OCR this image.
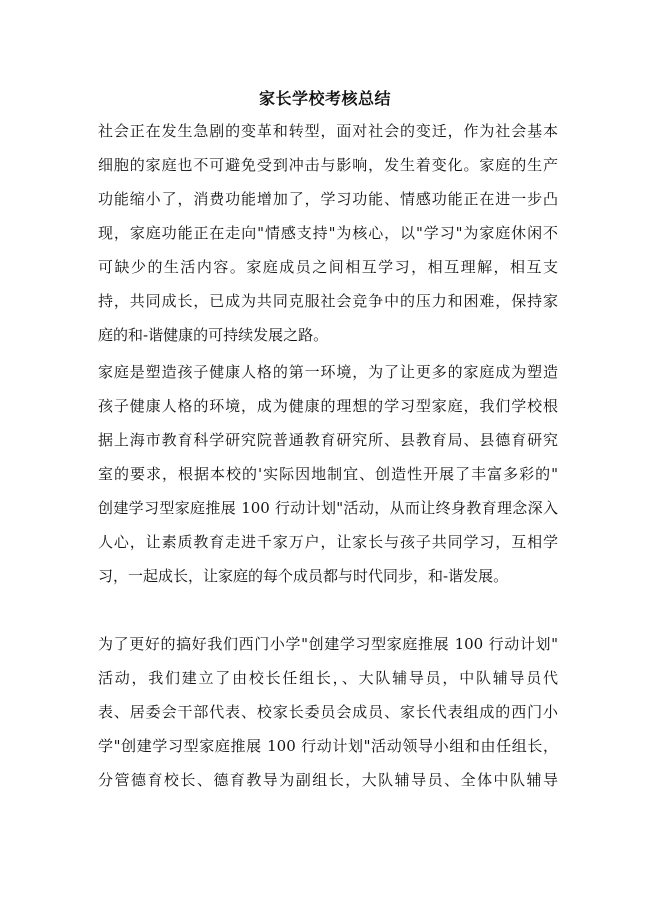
家长学校考核总结
社会正在发生急剧的变革和转型，面对社会的变迁，作为社会基本
细胞的家庭也不可避免受到冲击与影响，发生着变化。家庭的生产
功能缩小了，消费功能增加了，学习功能、情感功能正在进一步凸
现，家庭功能正在走向"情感支持"为核心，以"学习"为家庭休闲不
可缺少的生活内容。家庭成员之间相互学习，相互理解，相互支
持，共同成长，已成为共同克服社会竞争中的压力和困难，保持家
庭的和-谐健康的可持续发展之路。
家庭是塑造孩子健康人格的第一环境，为了让更多的家庭成为塑造
孩子健康人格的环境，成为健康的理想的学习型家庭，我们学校根
据上海市教育科学研究院普通教育研究所、县教育局、县德育研究
室的要求，根据本校的'实际因地制宜、创造性开展了丰富多彩的"
创建学习型家庭推展 100 行动计划"活动，从而让终身教育理念深入
人心，让素质教育走进千家万户，让家长与孩子共同学习，互相学
习，一起成长，让家庭的每个成员都与时代同步，和-谐发展。
为了更好的搞好我们西门小学"创建学习型家庭推展 100 行动计划"
活动，我们建立了由校长任组长，、大队辅导员，中队辅导员代
表、居委会干部代表、校家长委员会成员、家长代表组成的西门小
学"创建学习型家庭推展 100 行动计划"活动领导小组和由任组长，
分管德育校长、德育教导为副组长，大队辅导员、全体中队辅导
